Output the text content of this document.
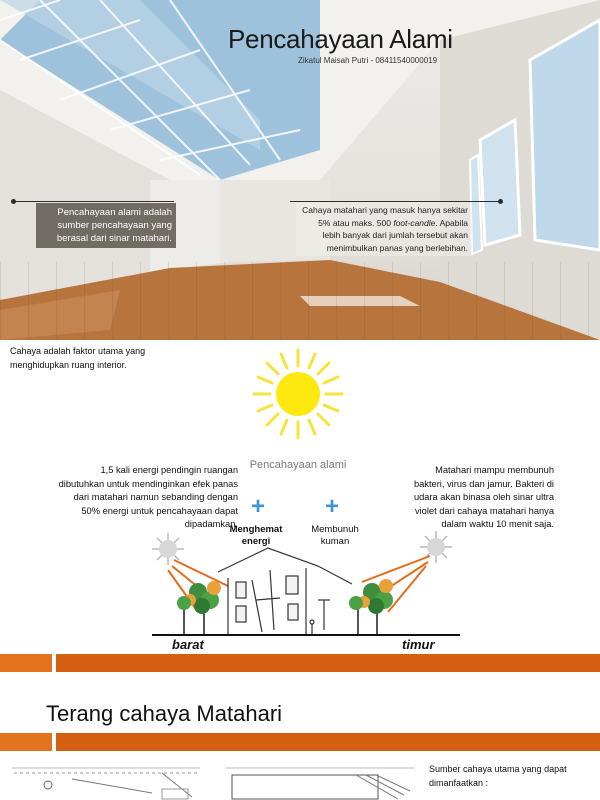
Pencahayaan Alami
Zikatul Maisah Putri - 08411540000019
Pencahayaan alami adalah sumber pencahayaan yang berasal dari sinar matahari.
Cahaya matahari yang masuk hanya sekitar 5% atau maks. 500 foot-candle. Apabila lebih banyak dari jumlah tersebut akan menimbulkan panas yang berlebihan.
Cahaya adalah faktor utama yang menghidupkan ruang interior.
1,5 kali energi pendingin ruangan dibutuhkan untuk mendinginkan efek panas dari matahari namun sebanding dengan 50% energi untuk pencahayaan dapat dipadamkan.
Matahari mampu membunuh bakteri, virus dan jamur. Bakteri di udara akan binasa oleh sinar ultra violet dari cahaya matahari hanya dalam waktu 10 menit saja.
Pencahayaan alami
+ +
Menghemat energi
Membunuh kuman
barat	timur
Terang cahaya Matahari
Sumber cahaya utama yang dapat dimanfaatkan :
